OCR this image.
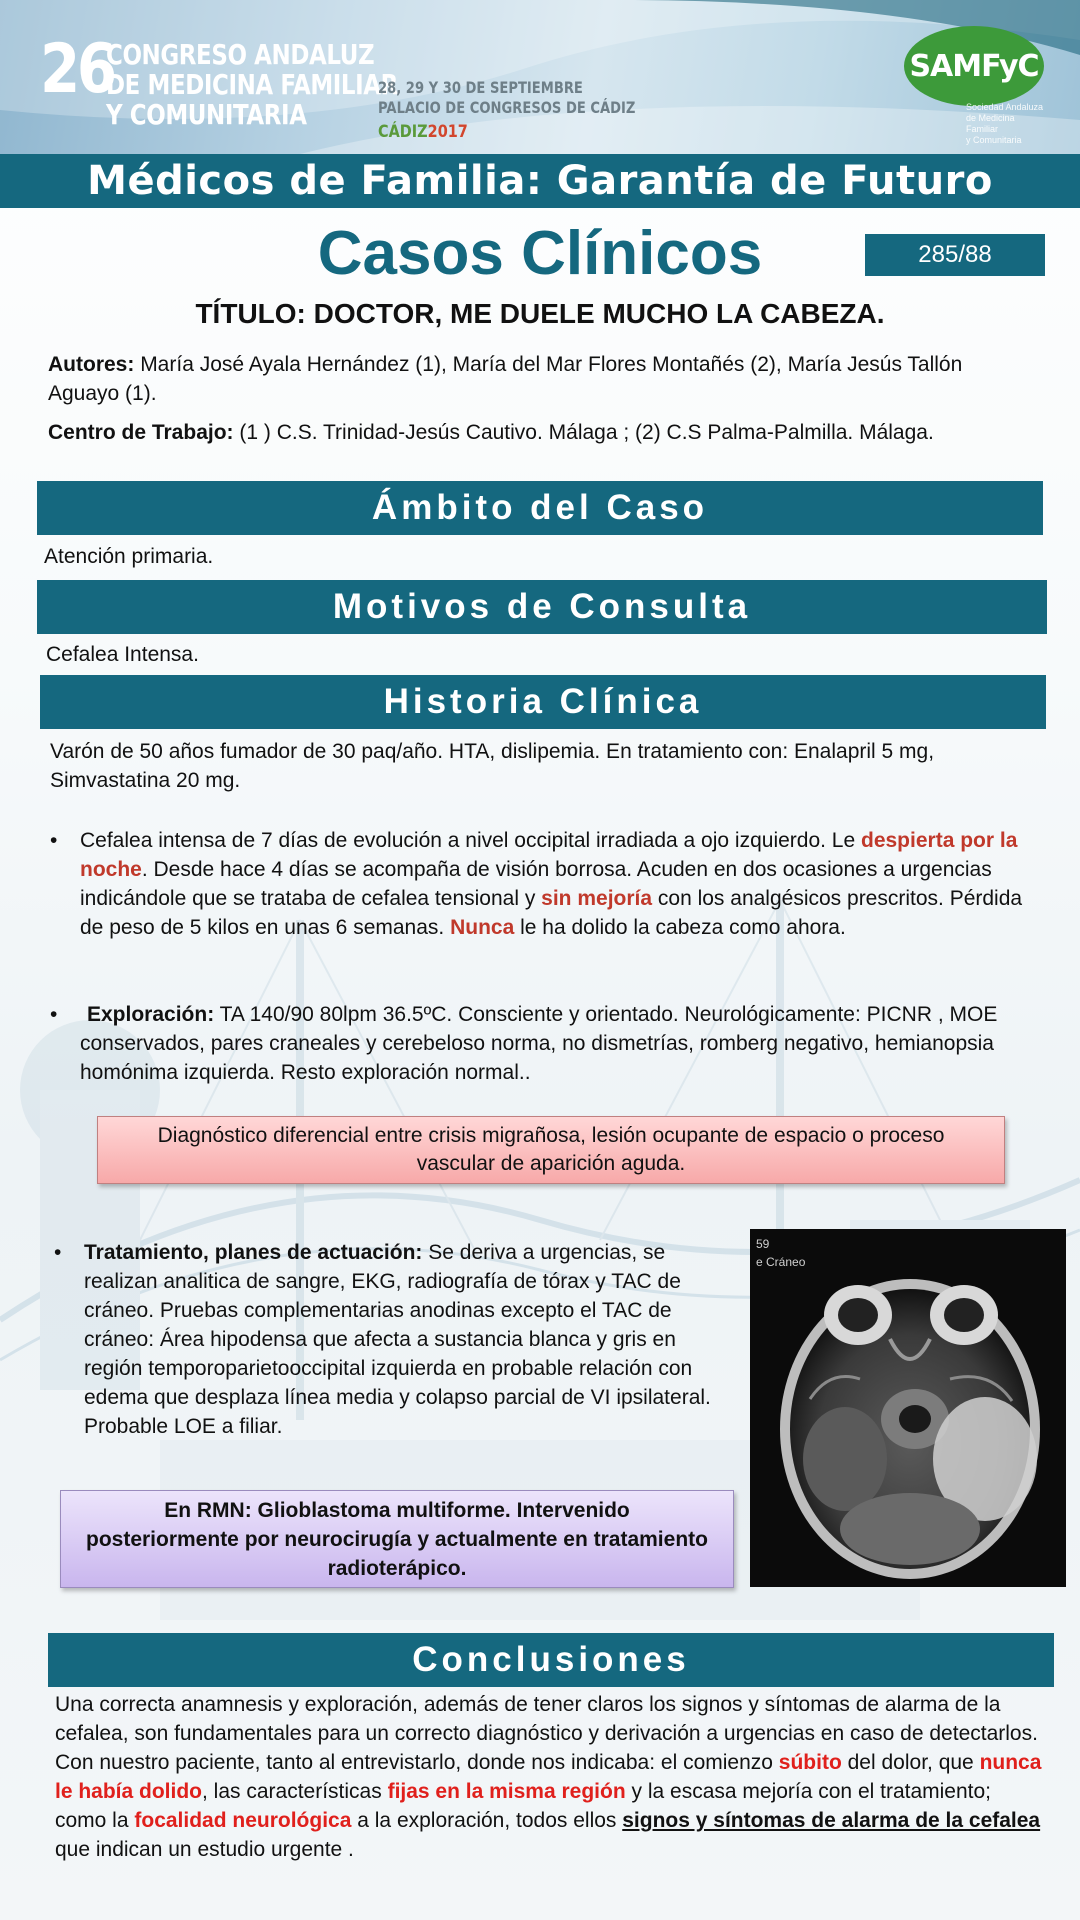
26
CONGRESO ANDALUZ
DE MEDICINA FAMILIAR
Y COMUNITARIA
28, 29 Y 30 DE SEPTIEMBRE
PALACIO DE CONGRESOS DE CÁDIZ
CÁDIZ2017
SAMFyC
Sociedad Andaluza
de Medicina Familiar
y Comunitaria
Médicos de Familia: Garantía de Futuro
Casos Clínicos	285/88
TÍTULO: DOCTOR, ME DUELE MUCHO LA CABEZA.
Autores: María José Ayala Hernández (1), María del Mar Flores Montañés (2), María Jesús Tallón Aguayo (1).
Centro de Trabajo: (1 ) C.S. Trinidad-Jesús Cautivo. Málaga ; (2) C.S Palma-Palmilla. Málaga.
Ámbito del Caso
Atención primaria.
Motivos de Consulta
Cefalea Intensa.
Historia Clínica
Varón de 50 años fumador de 30 paq/año. HTA, dislipemia. En tratamiento con: Enalapril 5 mg, Simvastatina 20 mg.
• Cefalea intensa de 7 días de evolución a nivel occipital irradiada a ojo izquierdo. Le despierta por la noche. Desde hace 4 días se acompaña de visión borrosa. Acuden en dos ocasiones a urgencias indicándole que se trataba de cefalea tensional y sin mejoría con los analgésicos prescritos. Pérdida de peso de 5 kilos en unas 6 semanas. Nunca le ha dolido la cabeza como ahora.
• Exploración: TA 140/90 80lpm 36.5ºC. Consciente y orientado. Neurológicamente: PICNR , MOE conservados, pares craneales y cerebeloso norma, no dismetrías, romberg negativo, hemianopsia homónima izquierda. Resto exploración normal..
Diagnóstico diferencial entre crisis migrañosa, lesión ocupante de espacio o proceso vascular de aparición aguda.
• Tratamiento, planes de actuación: Se deriva a urgencias, se realizan analitica de sangre, EKG, radiografía de tórax y TAC de cráneo. Pruebas complementarias anodinas excepto el TAC de cráneo: Área hipodensa que afecta a sustancia blanca y gris en región temporoparietooccipital izquierda en probable relación con edema que desplaza línea media y colapso parcial de VI ipsilateral. Probable LOE a filiar.
59
e Cráneo
En RMN: Glioblastoma multiforme. Intervenido posteriormente por neurocirugía y actualmente en tratamiento radioterápico.
Conclusiones
Una correcta anamnesis y exploración, además de tener claros los signos y síntomas de alarma de la cefalea, son fundamentales para un correcto diagnóstico y derivación a urgencias en caso de detectarlos. Con nuestro paciente, tanto al entrevistarlo, donde nos indicaba: el comienzo súbito del dolor, que nunca le había dolido, las características fijas en la misma región y la escasa mejoría con el tratamiento; como la focalidad neurológica a la exploración, todos ellos signos y síntomas de alarma de la cefalea que indican un estudio urgente .
